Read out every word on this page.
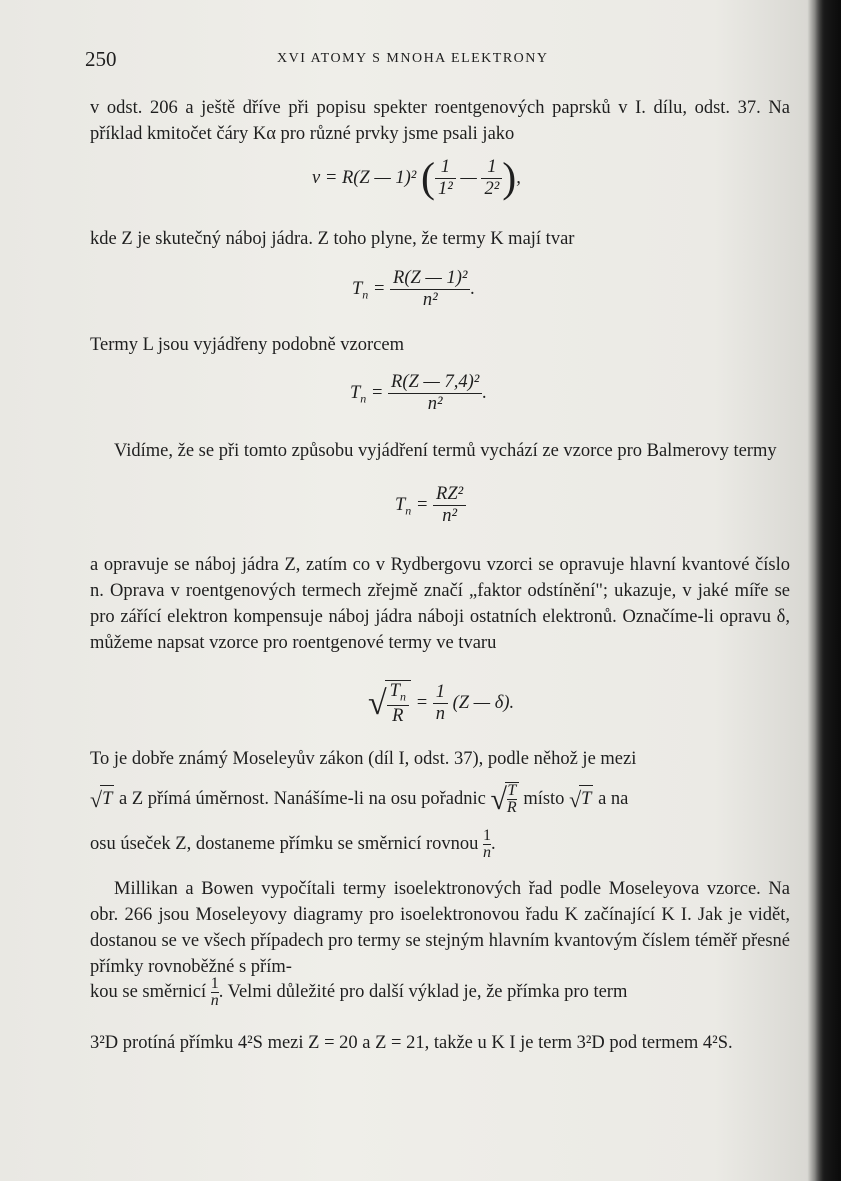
250	XVI ATOMY S MNOHA ELEKTRONY

v odst. 206 a ještě dříve při popisu spekter roentgenových paprsků v I. dílu, odst. 37. Na příklad kmitočet čáry Kα pro různé prvky jsme psali jako

ν = R(Z — 1)² ( $\frac{1}{\text{1²}}$ — $\frac{1}{\text{2²}}$ ),

kde Z je skutečný náboj jádra. Z toho plyne, že termy K mají tvar

$T_n = \frac{\text{R(Z — 1)²}}{\text{n²}}$ .

Termy L jsou vyjádřeny podobně vzorcem

$T_n = \frac{\text{R(Z — 7,4)²}}{\text{n²}}$ .

Vidíme, že se při tomto způsobu vyjádření termů vychází ze vzorce pro Balmerovy termy

$T_n = \frac{\text{RZ²}}{\text{n²}}$

a opravuje se náboj jádra Z, zatím co v Rydbergovu vzorci se opravuje hlavní kvantové číslo n. Oprava v roentgenových termech zřejmě značí „faktor odstínění"; ukazuje, v jaké míře se pro zářící elektron kompensuje náboj jádra náboji ostatních elektronů. Označíme-li opravu δ, můžeme napsat vzorce pro roentgenové termy ve tvaru

√ $\frac{T_n}{R} = \frac{1}{n} (Z$ — δ).

To je dobře známý Moseleyův zákon (díl I, odst. 37), podle něhož je mezi

√T a Z přímá úměrnost. Nanášíme-li na osu pořadnic √ $\frac{T}{R}$ místo √T a na

osu úseček Z, dostaneme přímku se směrnicí rovnou $\frac{1}{n}$ .

Millikan a Bowen vypočítali termy isoelektronových řad podle Moseleyova vzorce. Na obr. 266 jsou Moseleyovy diagramy pro isoelektronovou řadu K začínající K I. Jak je vidět, dostanou se ve všech případech pro termy se stejným hlavním kvantovým číslem téměř přesné přímky rovnoběžné s přím-

kou se směrnicí $\frac{1}{n}$ . Velmi důležité pro další výklad je, že přímka pro term

3²D protíná přímku 4²S mezi Z = 20 a Z = 21, takže u K I je term 3²D pod termem 4²S.
